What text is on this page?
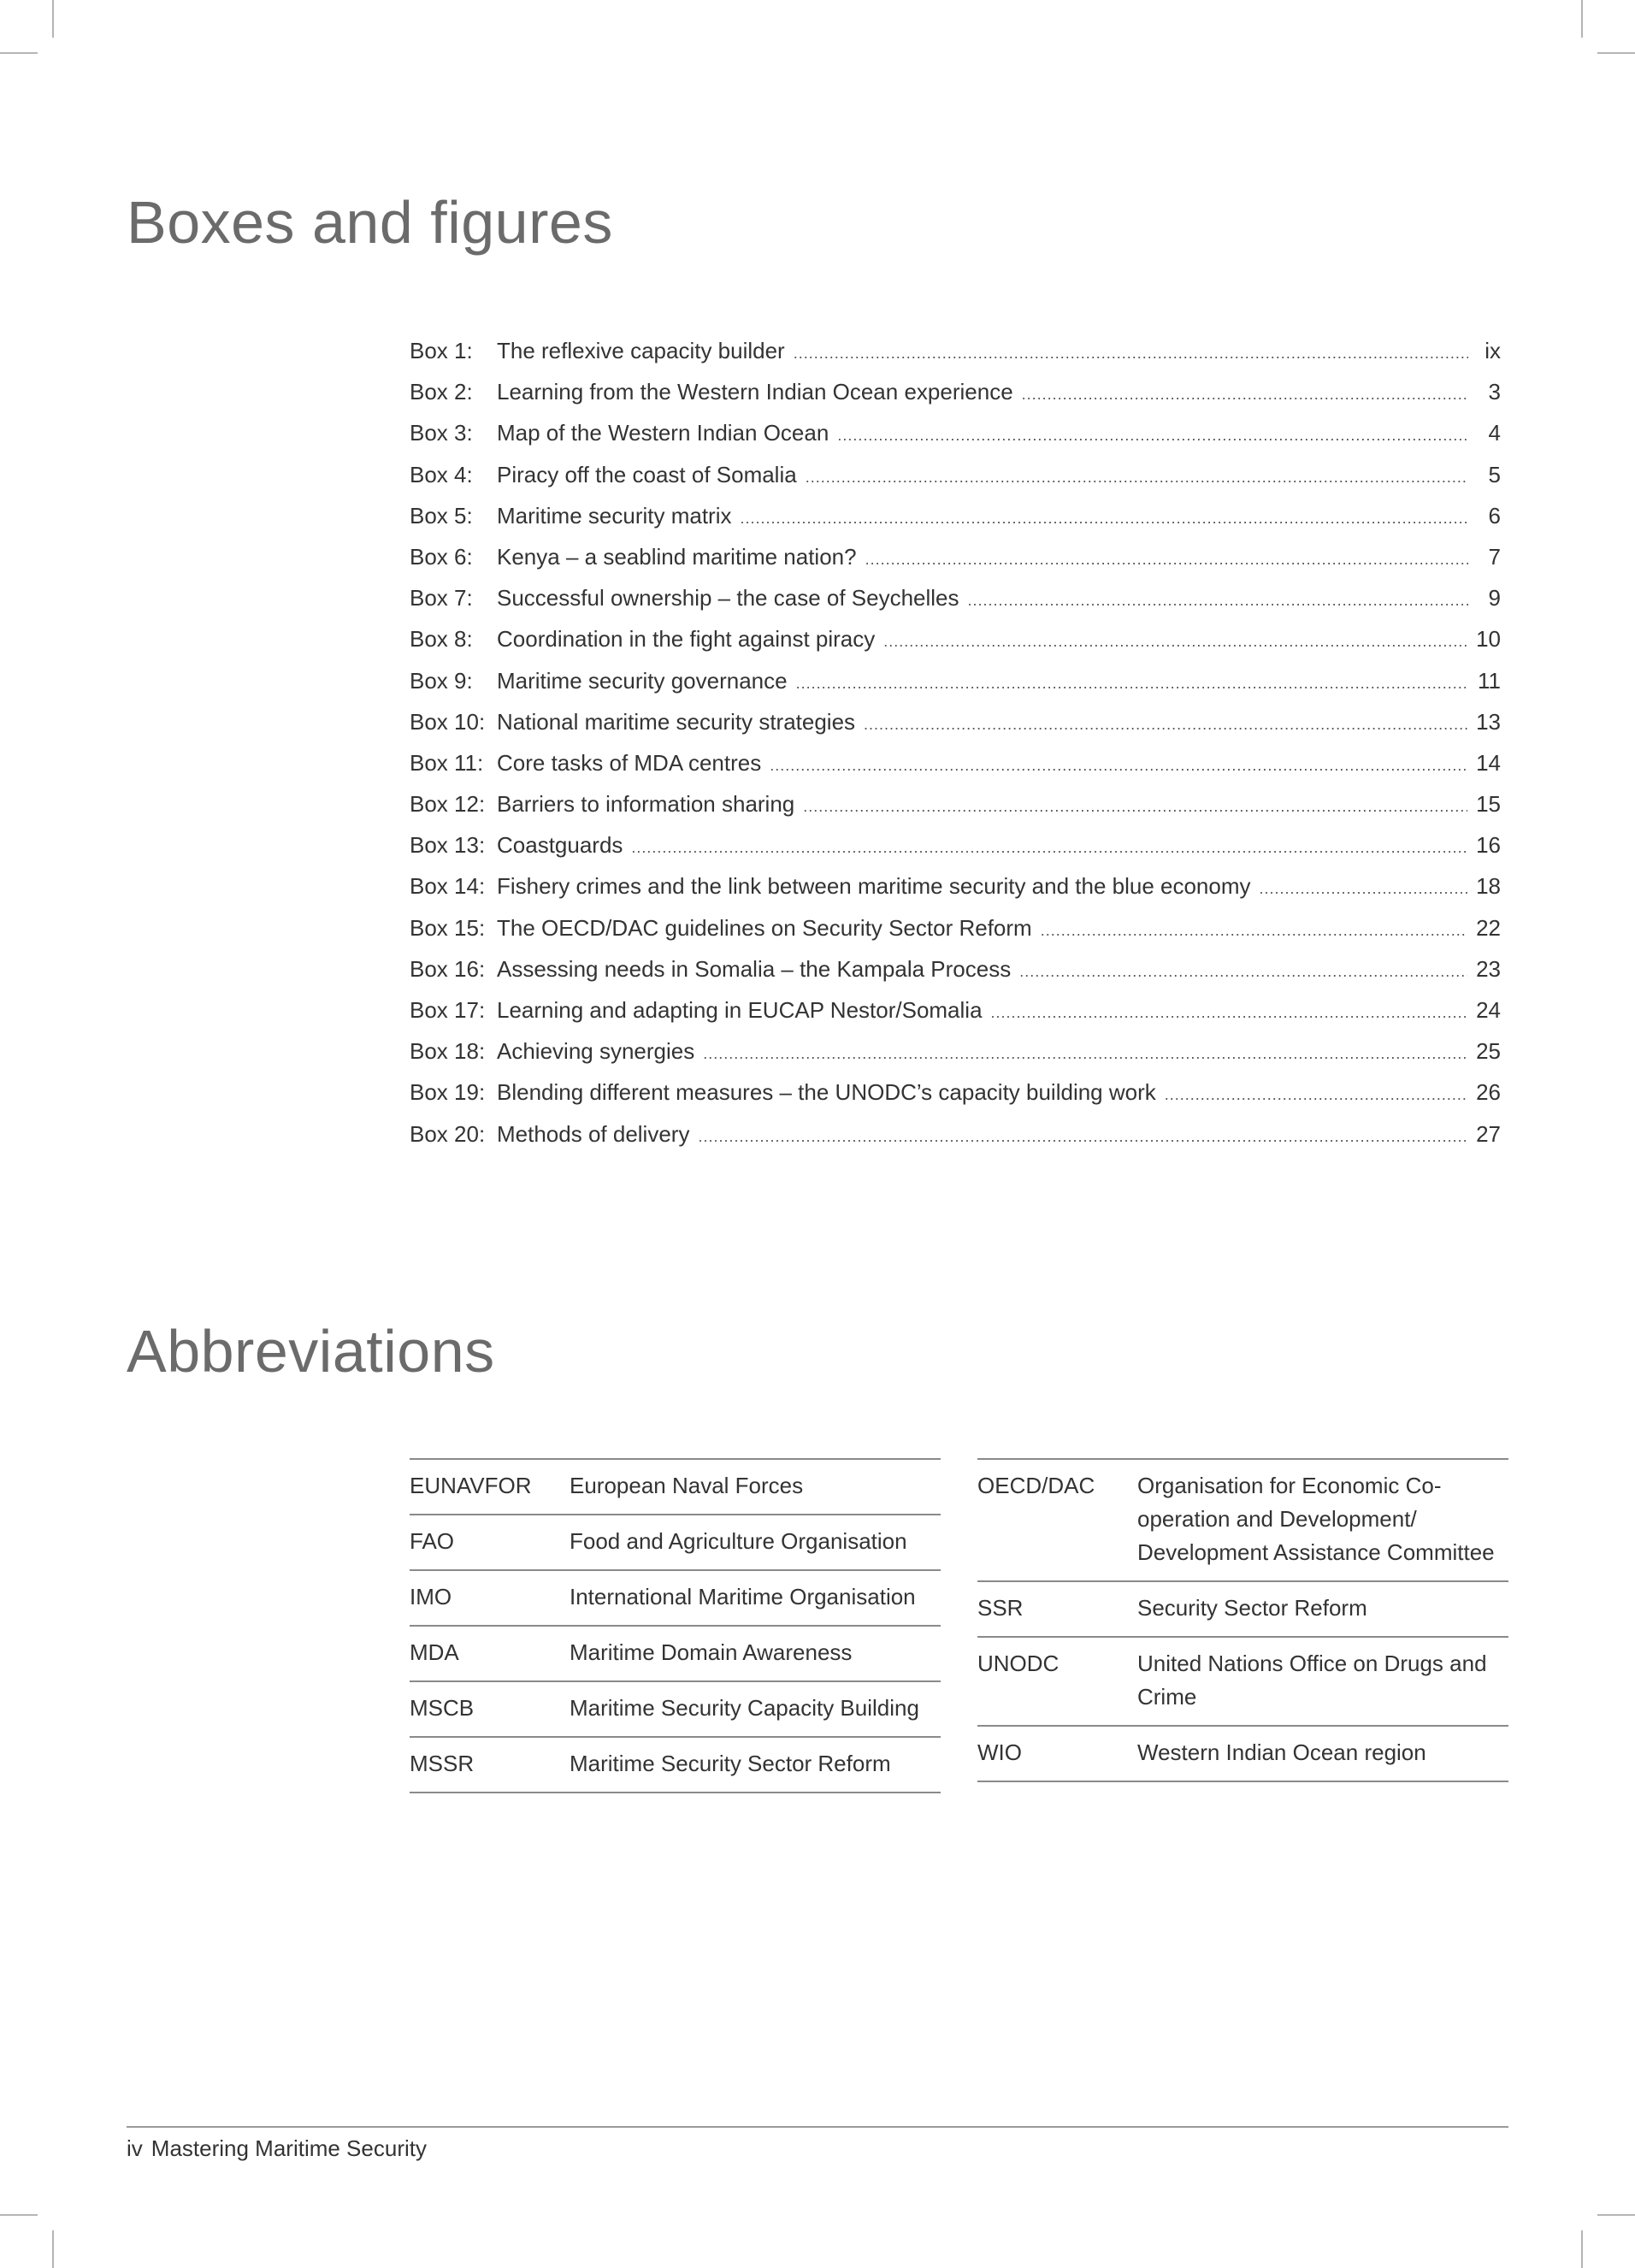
Boxes and figures
Box 1:	The reflexive capacity builder .....	ix
Box 2:	Learning from the Western Indian Ocean experience .....	3
Box 3:	Map of the Western Indian Ocean .....	4
Box 4:	Piracy off the coast of Somalia .....	5
Box 5:	Maritime security matrix .....	6
Box 6:	Kenya – a seablind maritime nation? .....	7
Box 7:	Successful ownership – the case of Seychelles .....	9
Box 8:	Coordination in the fight against piracy .....	10
Box 9:	Maritime security governance .....	11
Box 10: National maritime security strategies .....	13
Box 11: Core tasks of MDA centres .....	14
Box 12: Barriers to information sharing .....	15
Box 13: Coastguards .....	16
Box 14: Fishery crimes and the link between maritime security and the blue economy .....	18
Box 15: The OECD/DAC guidelines on Security Sector Reform .....	22
Box 16: Assessing needs in Somalia – the Kampala Process .....	23
Box 17: Learning and adapting in EUCAP Nestor/Somalia .....	24
Box 18: Achieving synergies .....	25
Box 19: Blending different measures – the UNODC’s capacity building work .....	26
Box 20: Methods of delivery .....	27
Abbreviations
EUNAVFOR	European Naval Forces
FAO	Food and Agriculture Organisation
IMO	International Maritime Organisation
MDA	Maritime Domain Awareness
MSCB	Maritime Security Capacity Building
MSSR	Maritime Security Sector Reform
OECD/DAC	Organisation for Economic Co-operation and Development/ Development Assistance Committee
SSR	Security Sector Reform
UNODC	United Nations Office on Drugs and Crime
WIO	Western Indian Ocean region
iv Mastering Maritime Security
